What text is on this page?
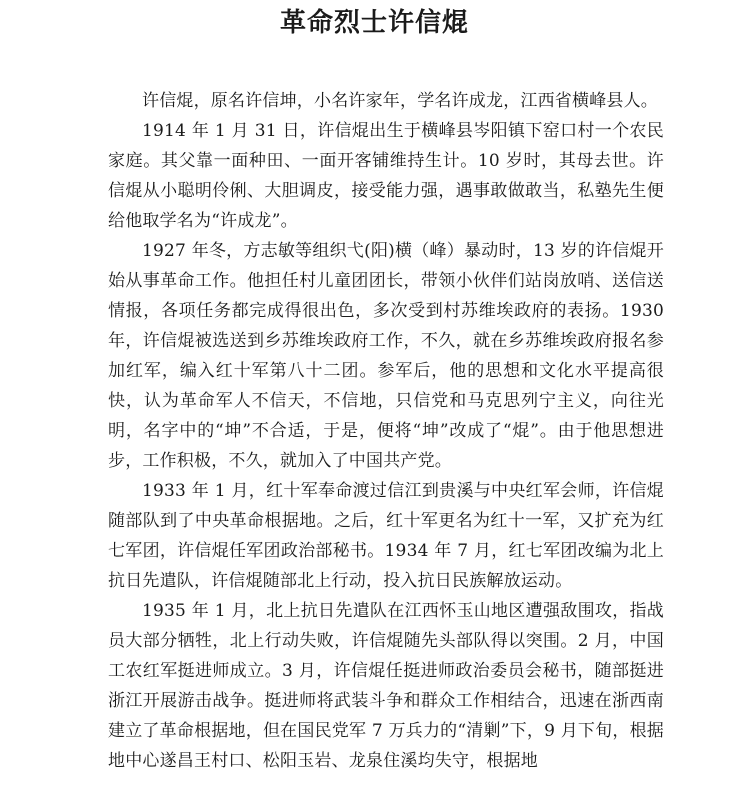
革命烈士许信焜

许信焜，原名许信坤，小名许家年，学名许成龙，江西省横峰县人。

1914 年 1 月 31 日，许信焜出生于横峰县岑阳镇下窑口村一个农民家庭。其父靠一面种田、一面开客铺维持生计。10 岁时，其母去世。许信焜从小聪明伶俐、大胆调皮，接受能力强，遇事敢做敢当，私塾先生便给他取学名为“许成龙”。

1927 年冬，方志敏等组织弋(阳)横（峰）暴动时，13 岁的许信焜开始从事革命工作。他担任村儿童团团长，带领小伙伴们站岗放哨、送信送情报，各项任务都完成得很出色，多次受到村苏维埃政府的表扬。1930 年，许信焜被选送到乡苏维埃政府工作，不久，就在乡苏维埃政府报名参加红军，编入红十军第八十二团。参军后，他的思想和文化水平提高很快，认为革命军人不信天，不信地，只信党和马克思列宁主义，向往光明，名字中的“坤”不合适，于是，便将“坤”改成了“焜”。由于他思想进步，工作积极，不久，就加入了中国共产党。

1933 年 1 月，红十军奉命渡过信江到贵溪与中央红军会师，许信焜随部队到了中央革命根据地。之后，红十军更名为红十一军，又扩充为红七军团，许信焜任军团政治部秘书。1934 年 7 月，红七军团改编为北上抗日先遣队，许信焜随部北上行动，投入抗日民族解放运动。

1935 年 1 月，北上抗日先遣队在江西怀玉山地区遭强敌围攻，指战员大部分牺牲，北上行动失败，许信焜随先头部队得以突围。2 月，中国工农红军挺进师成立。3 月，许信焜任挺进师政治委员会秘书，随部挺进浙江开展游击战争。挺进师将武装斗争和群众工作相结合，迅速在浙西南建立了革命根据地，但在国民党军 7 万兵力的“清剿”下，9 月下旬，根据地中心遂昌王村口、松阳玉岩、龙泉住溪均失守，根据地
